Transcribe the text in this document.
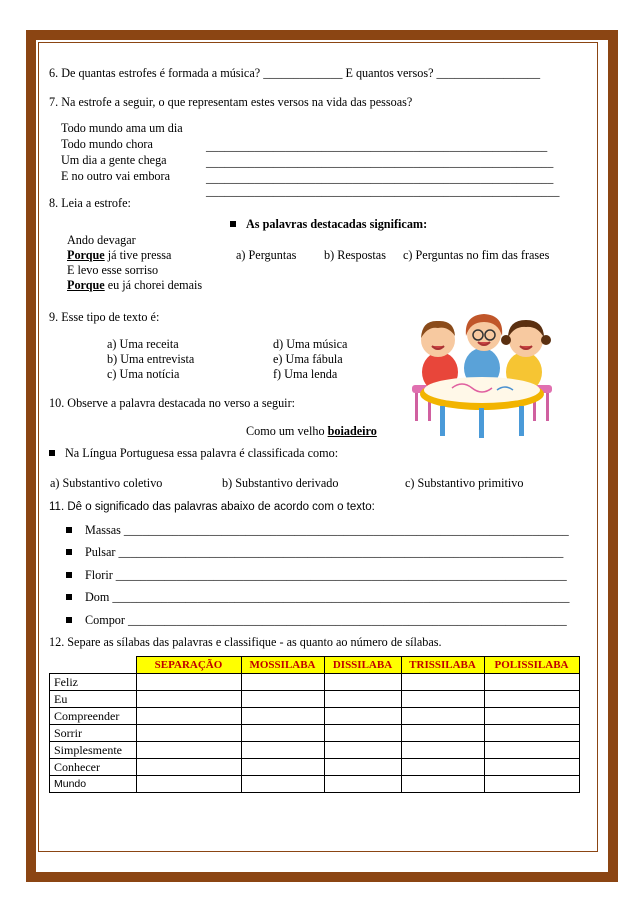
6. De quantas estrofes é formada a música? _____________ E quantos versos? _________________
7. Na estrofe a seguir, o que representam estes versos na vida das pessoas?
Todo mundo ama um dia
Todo mundo chora
Um dia a gente chega
E no outro vai embora
________________________________________________________
_________________________________________________________
_________________________________________________________
__________________________________________________________
8. Leia a estrofe:
As palavras destacadas significam:
Ando devagar
Porque já tive pressa
E levo esse sorriso
Porque eu já chorei demais
a) Perguntas b) Respostas c) Perguntas no fim das frases
9. Esse tipo de texto é:
a) Uma receita
b) Uma entrevista
c) Uma notícia
d) Uma música
e) Uma fábula
f) Uma lenda
10. Observe a palavra destacada no verso a seguir:
Como um velho boiadeiro
Na Língua Portuguesa essa palavra é classificada como:
a) Substantivo coletivo	b) Substantivo derivado	c) Substantivo primitivo
11. Dê o significado das palavras abaixo de acordo com o texto:
Massas _________________________________________________________________________
Pulsar _________________________________________________________________________
Florir __________________________________________________________________________
Dom ___________________________________________________________________________
Compor ________________________________________________________________________
12. Separe as sílabas das palavras e classifique - as quanto ao número de sílabas.
	SEPARAÇÃO	MOSSILABA	DISSILABA	TRISSILABA	POLISSILABA
Feliz					
Eu					
Compreender					
Sorrir					
Simplesmente					
Conhecer					
Mundo					
